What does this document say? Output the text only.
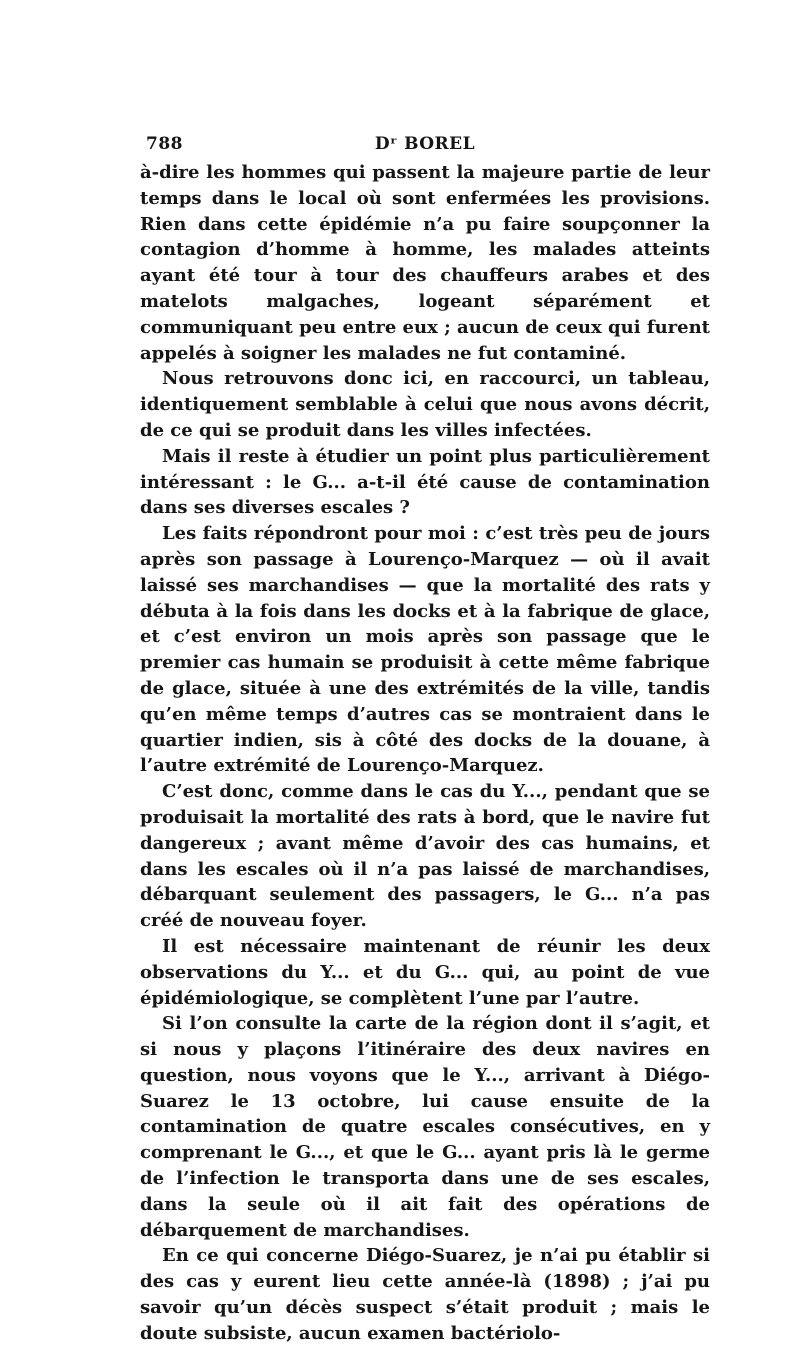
788	Dʳ BOREL

à-dire les hommes qui passent la majeure partie de leur temps dans le local où sont enfermées les provisions. Rien dans cette épidémie n’a pu faire soupçonner la contagion d’homme à homme, les malades atteints ayant été tour à tour des chauffeurs arabes et des matelots malgaches, logeant séparément et communiquant peu entre eux ; aucun de ceux qui furent appelés à soigner les malades ne fut contaminé.

Nous retrouvons donc ici, en raccourci, un tableau, identiquement semblable à celui que nous avons décrit, de ce qui se produit dans les villes infectées.

Mais il reste à étudier un point plus particulièrement intéressant : le G... a-t-il été cause de contamination dans ses diverses escales ?

Les faits répondront pour moi : c’est très peu de jours après son passage à Lourenço-Marquez — où il avait laissé ses marchandises — que la mortalité des rats y débuta à la fois dans les docks et à la fabrique de glace, et c’est environ un mois après son passage que le premier cas humain se produisit à cette même fabrique de glace, située à une des extrémités de la ville, tandis qu’en même temps d’autres cas se montraient dans le quartier indien, sis à côté des docks de la douane, à l’autre extrémité de Lourenço-Marquez.

C’est donc, comme dans le cas du Y..., pendant que se produisait la mortalité des rats à bord, que le navire fut dangereux ; avant même d’avoir des cas humains, et dans les escales où il n’a pas laissé de marchandises, débarquant seulement des passagers, le G... n’a pas créé de nouveau foyer.

Il est nécessaire maintenant de réunir les deux observations du Y... et du G... qui, au point de vue épidémiologique, se complètent l’une par l’autre.

Si l’on consulte la carte de la région dont il s’agit, et si nous y plaçons l’itinéraire des deux navires en question, nous voyons que le Y..., arrivant à Diégo-Suarez le 13 octobre, lui cause ensuite de la contamination de quatre escales consécutives, en y comprenant le G..., et que le G... ayant pris là le germe de l’infection le transporta dans une de ses escales, dans la seule où il ait fait des opérations de débarquement de marchandises.

En ce qui concerne Diégo-Suarez, je n’ai pu établir si des cas y eurent lieu cette année-là (1898) ; j’ai pu savoir qu’un décès suspect s’était produit ; mais le doute subsiste, aucun examen bactériolo-
